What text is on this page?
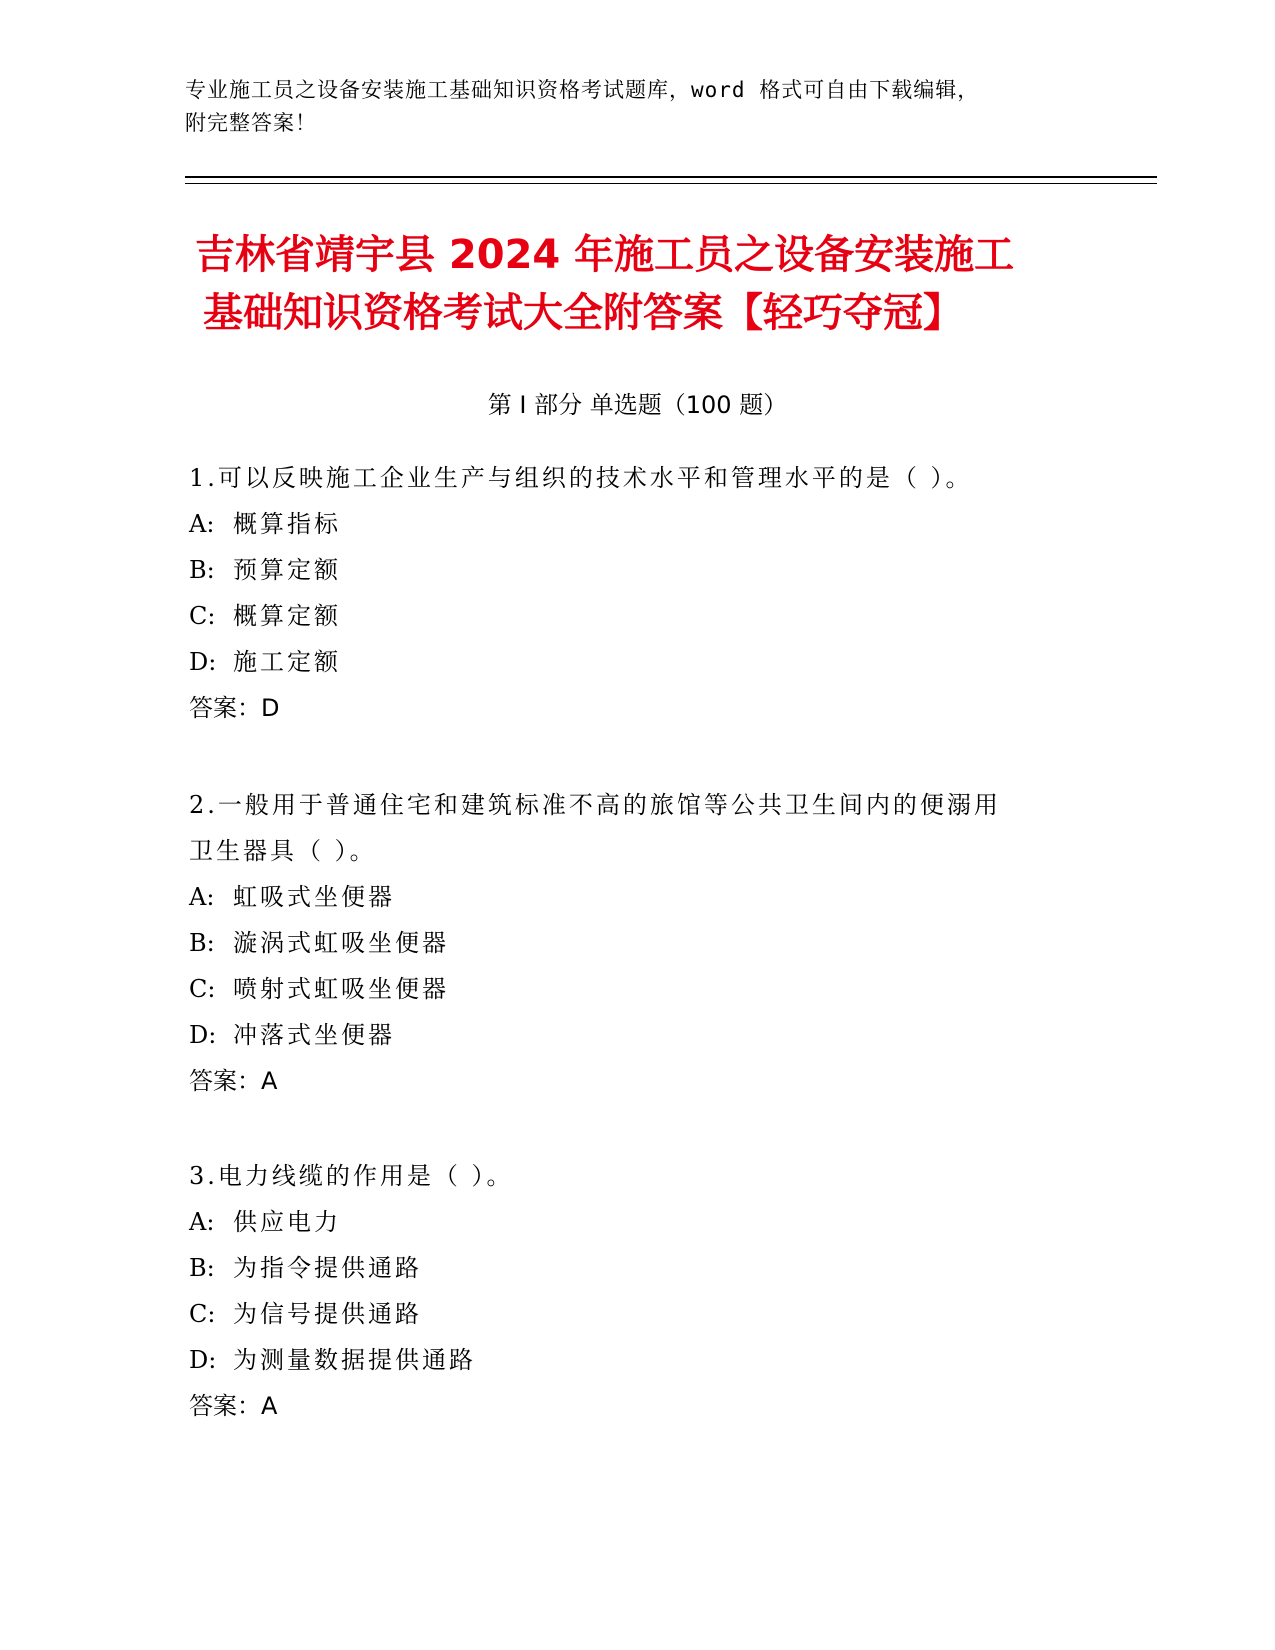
专业施工员之设备安装施工基础知识资格考试题库，word 格式可自由下载编辑，
附完整答案！
吉林省靖宇县 2024 年施工员之设备安装施工
基础知识资格考试大全附答案【轻巧夺冠】
第 I 部分 单选题（100 题）
1.可以反映施工企业生产与组织的技术水平和管理水平的是（ ）。
A: 概算指标
B: 预算定额
C: 概算定额
D: 施工定额
答案：D
2.一般用于普通住宅和建筑标准不高的旅馆等公共卫生间内的便溺用
卫生器具（ ）。
A: 虹吸式坐便器
B: 漩涡式虹吸坐便器
C: 喷射式虹吸坐便器
D: 冲落式坐便器
答案：A
3.电力线缆的作用是（ ）。
A: 供应电力
B: 为指令提供通路
C: 为信号提供通路
D: 为测量数据提供通路
答案：A
